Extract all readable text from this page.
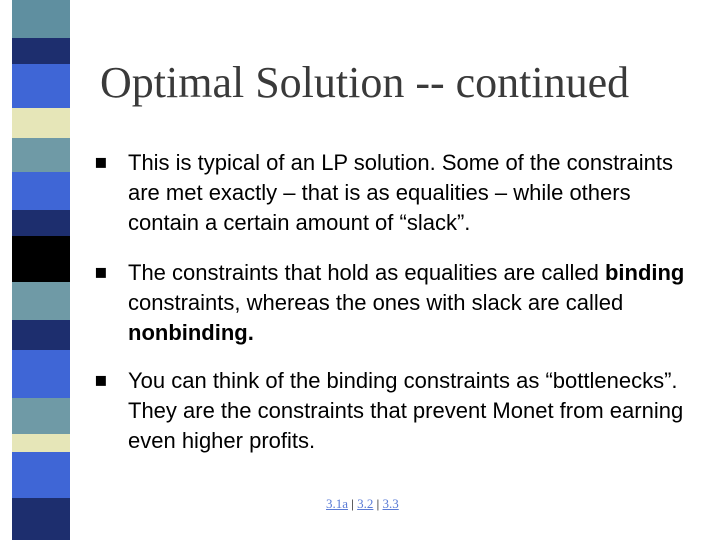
Optimal Solution -- continued
▪
This is typical of an LP solution. Some of the constraints are met exactly – that is as equalities – while others contain a certain amount of “slack”.
▪
The constraints that hold as equalities are called binding constraints, whereas the ones with slack are called nonbinding.
▪
You can think of the binding constraints as “bottlenecks”. They are the constraints that prevent Monet from earning even higher profits.
3.1a | 3.2 | 3.3
